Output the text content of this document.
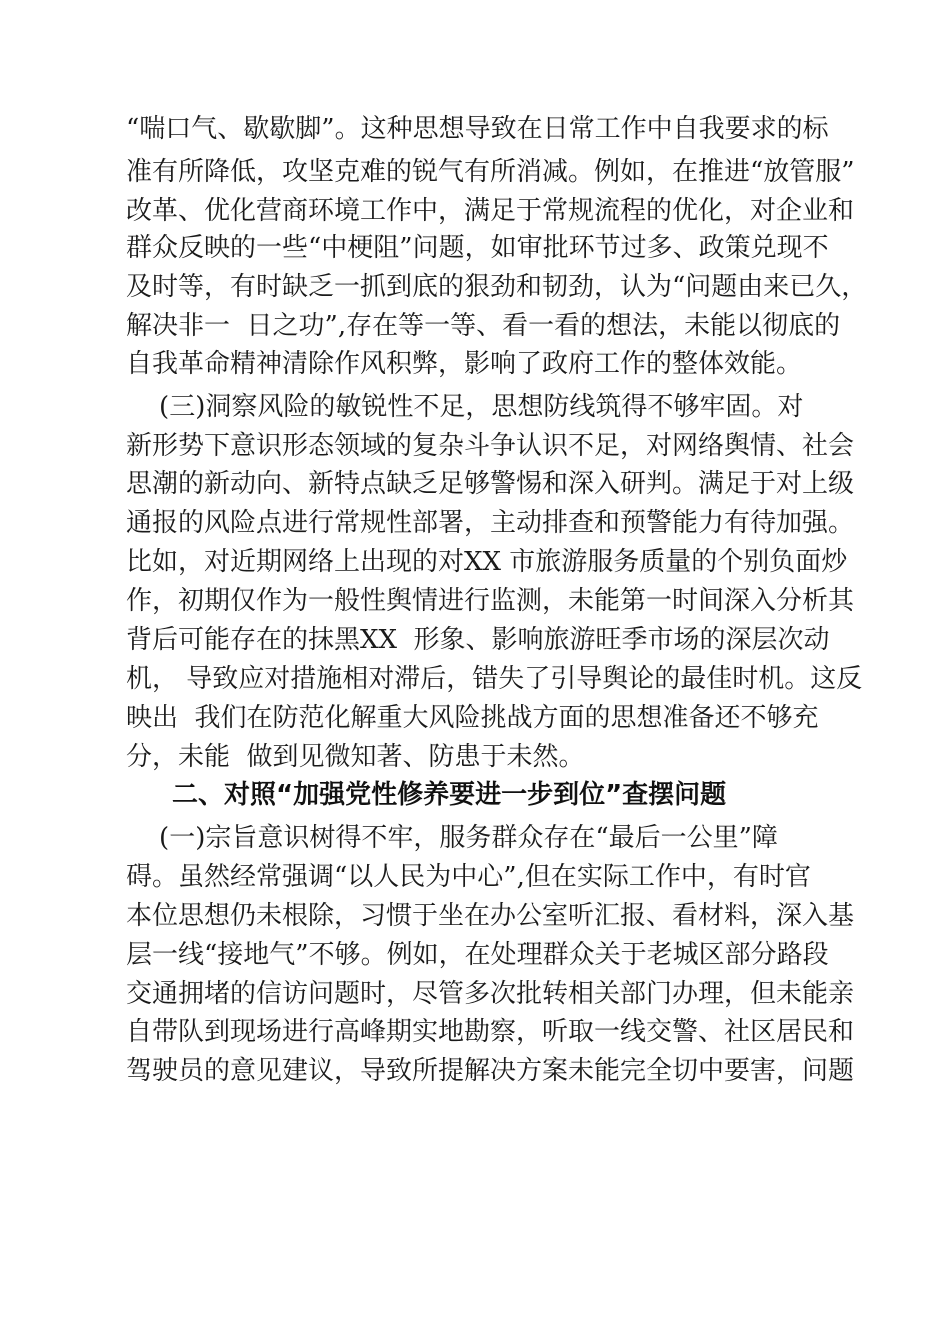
“喘口气、歇歇脚”。这种思想导致在日常工作中自我要求的标

准有所降低，攻坚克难的锐气有所消减。例如，在推进“放管服”

改革、优化营商环境工作中，满足于常规流程的优化，对企业和

群众反映的一些“中梗阻”问题，如审批环节过多、政策兑现不

及时等，有时缺乏一抓到底的狠劲和韧劲，认为“问题由来已久，

解决非一  日之功”,存在等一等、看一看的想法，未能以彻底的

自我革命精神清除作风积弊，影响了政府工作的整体效能。

(三)洞察风险的敏锐性不足，思想防线筑得不够牢固。对

新形势下意识形态领域的复杂斗争认识不足，对网络舆情、社会

思潮的新动向、新特点缺乏足够警惕和深入研判。满足于对上级

通报的风险点进行常规性部署，主动排查和预警能力有待加强。

比如，对近期网络上出现的对XX 市旅游服务质量的个别负面炒

作，初期仅作为一般性舆情进行监测，未能第一时间深入分析其

背后可能存在的抹黑XX  形象、影响旅游旺季市场的深层次动

机， 导致应对措施相对滞后，错失了引导舆论的最佳时机。这反

映出  我们在防范化解重大风险挑战方面的思想准备还不够充

分，未能  做到见微知著、防患于未然。

二、对照“加强党性修养要进一步到位”查摆问题

(一)宗旨意识树得不牢，服务群众存在“最后一公里”障

碍。虽然经常强调“以人民为中心”,但在实际工作中，有时官

本位思想仍未根除，习惯于坐在办公室听汇报、看材料，深入基

层一线“接地气”不够。例如，在处理群众关于老城区部分路段

交通拥堵的信访问题时，尽管多次批转相关部门办理，但未能亲

自带队到现场进行高峰期实地勘察，听取一线交警、社区居民和

驾驶员的意见建议，导致所提解决方案未能完全切中要害，问题
